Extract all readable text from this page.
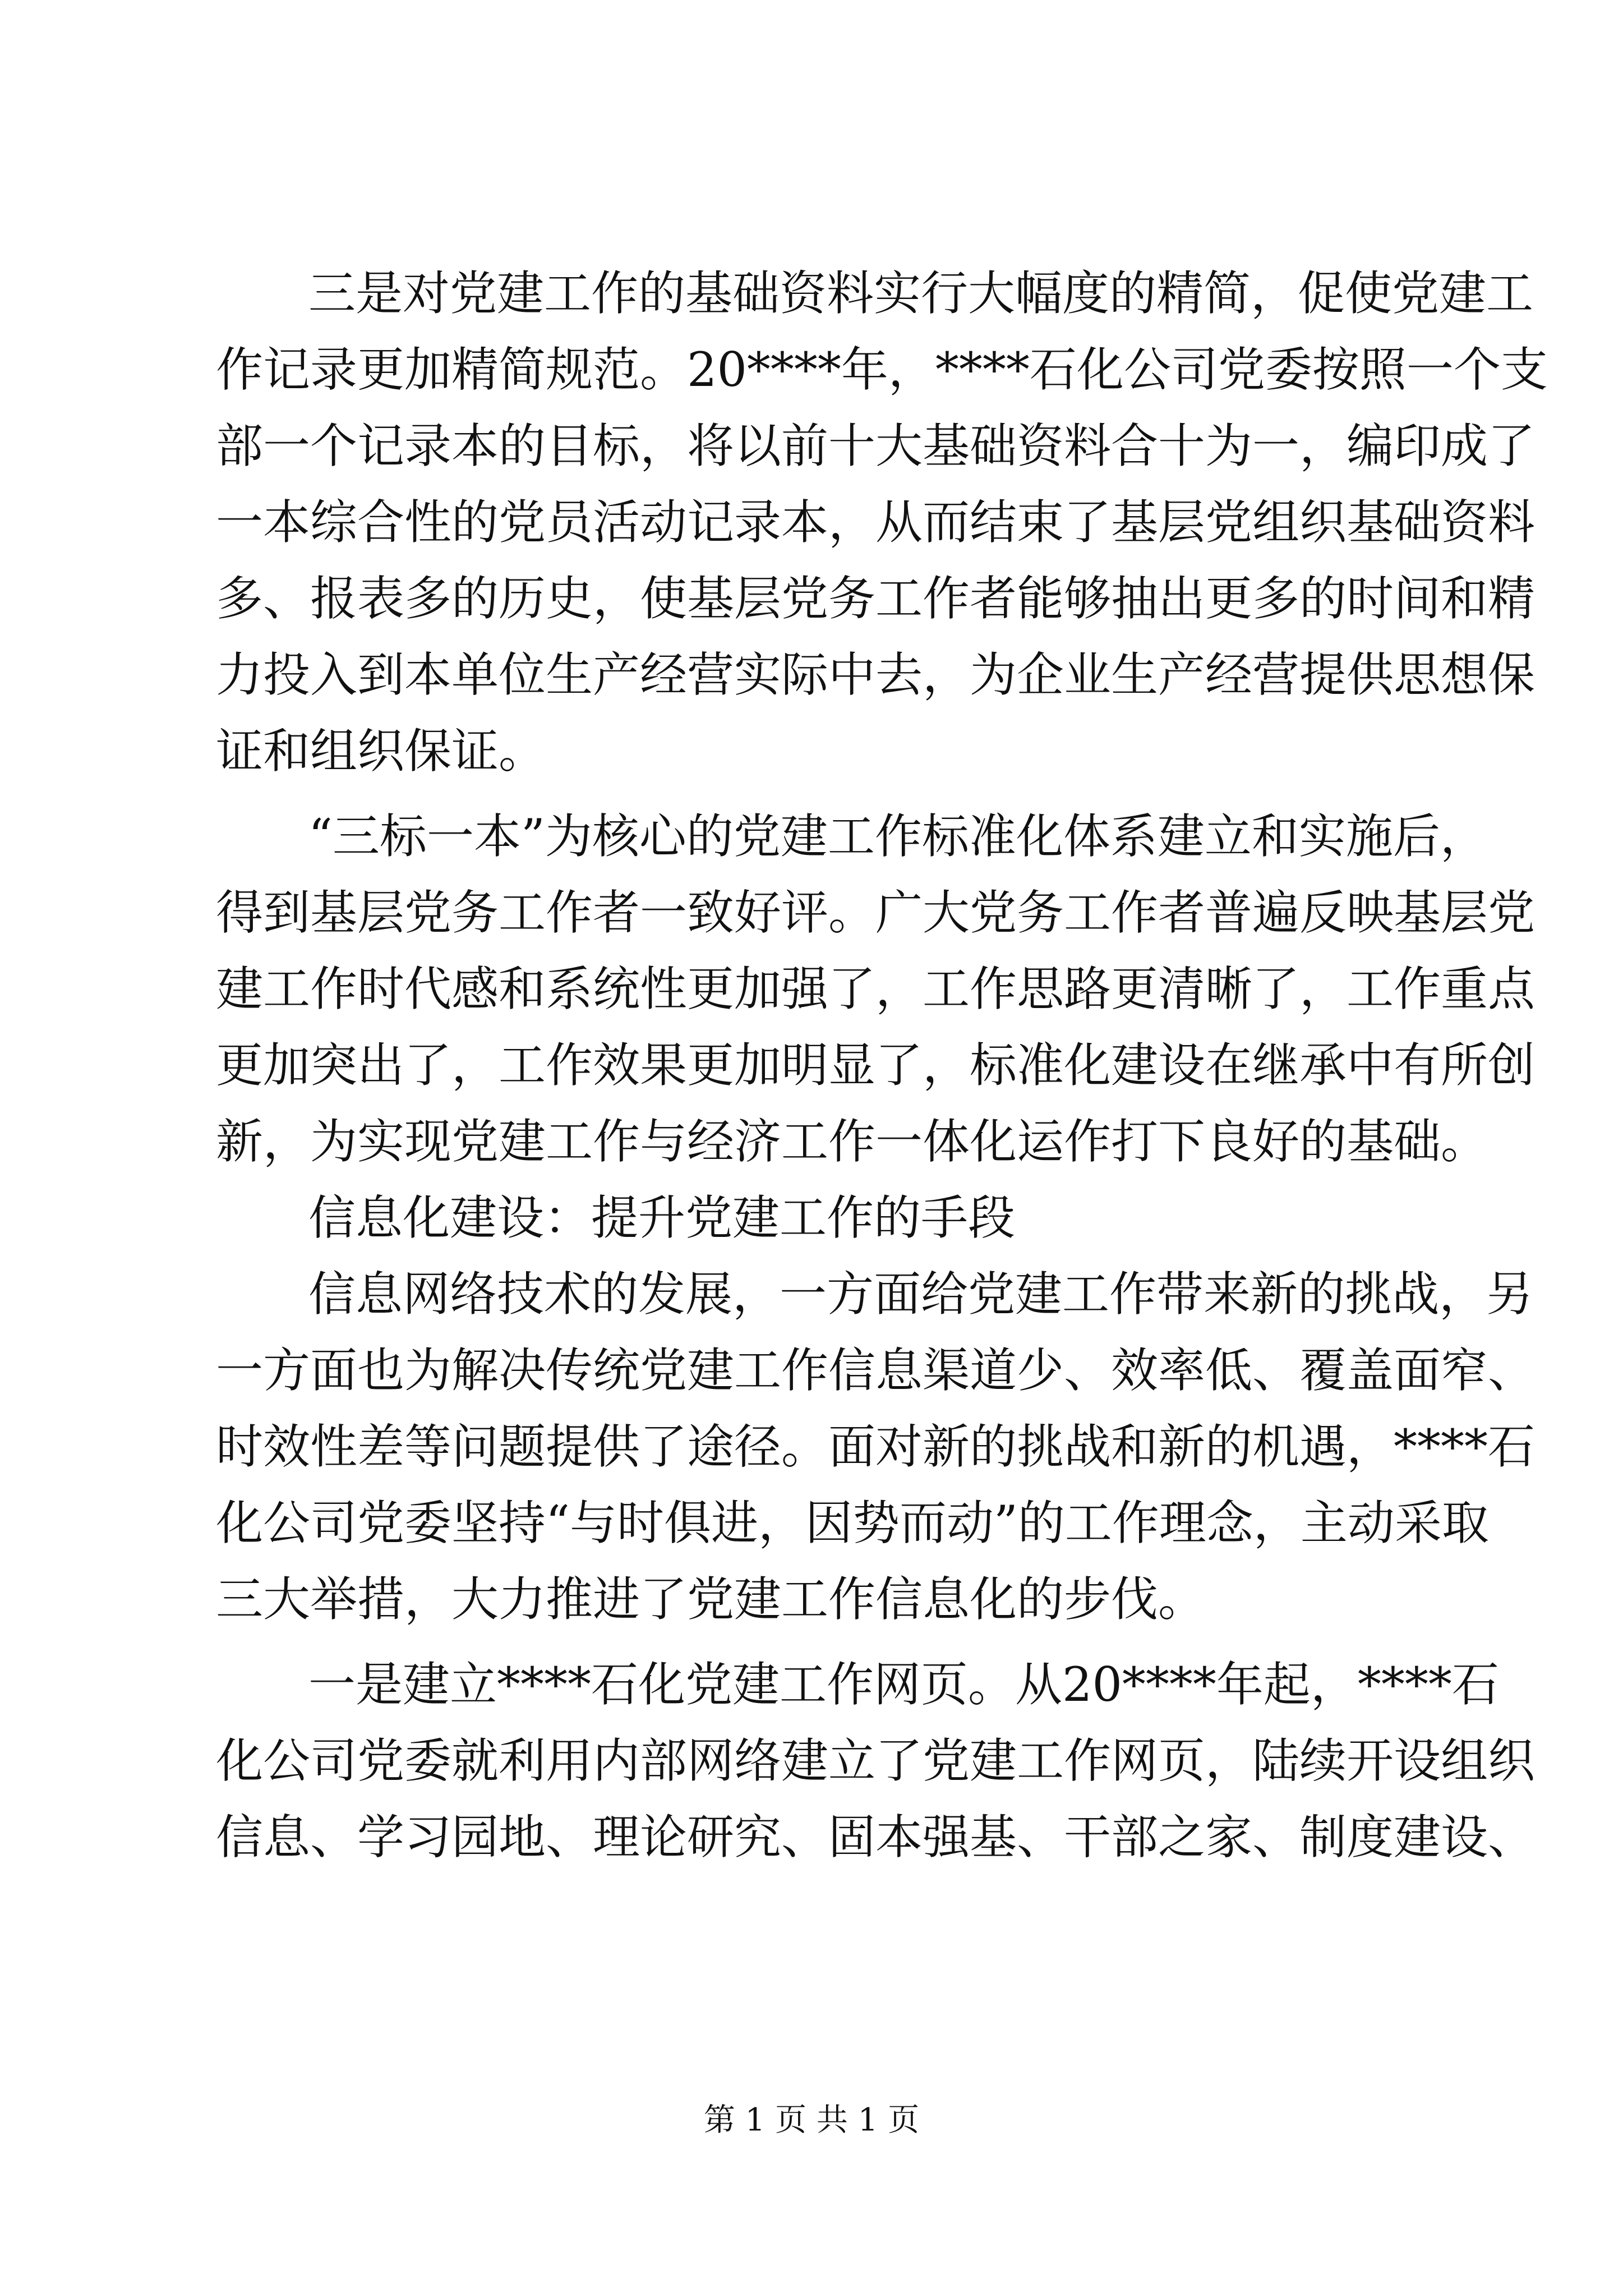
三是对党建工作的基础资料实行大幅度的精简，促使党建工
作记录更加精简规范。20****年，****石化公司党委按照一个支
部一个记录本的目标，将以前十大基础资料合十为一，编印成了
一本综合性的党员活动记录本，从而结束了基层党组织基础资料
多、报表多的历史，使基层党务工作者能够抽出更多的时间和精
力投入到本单位生产经营实际中去，为企业生产经营提供思想保
证和组织保证。
“三标一本”为核心的党建工作标准化体系建立和实施后，
得到基层党务工作者一致好评。广大党务工作者普遍反映基层党
建工作时代感和系统性更加强了，工作思路更清晰了，工作重点
更加突出了，工作效果更加明显了，标准化建设在继承中有所创
新，为实现党建工作与经济工作一体化运作打下良好的基础。
信息化建设：提升党建工作的手段
信息网络技术的发展，一方面给党建工作带来新的挑战，另
一方面也为解决传统党建工作信息渠道少、效率低、覆盖面窄、
时效性差等问题提供了途径。面对新的挑战和新的机遇，****石
化公司党委坚持“与时俱进，因势而动”的工作理念，主动采取
三大举措，大力推进了党建工作信息化的步伐。
一是建立****石化党建工作网页。从20****年起，****石
化公司党委就利用内部网络建立了党建工作网页，陆续开设组织
信息、学习园地、理论研究、固本强基、干部之家、制度建设、
第 1 页 共 1 页
